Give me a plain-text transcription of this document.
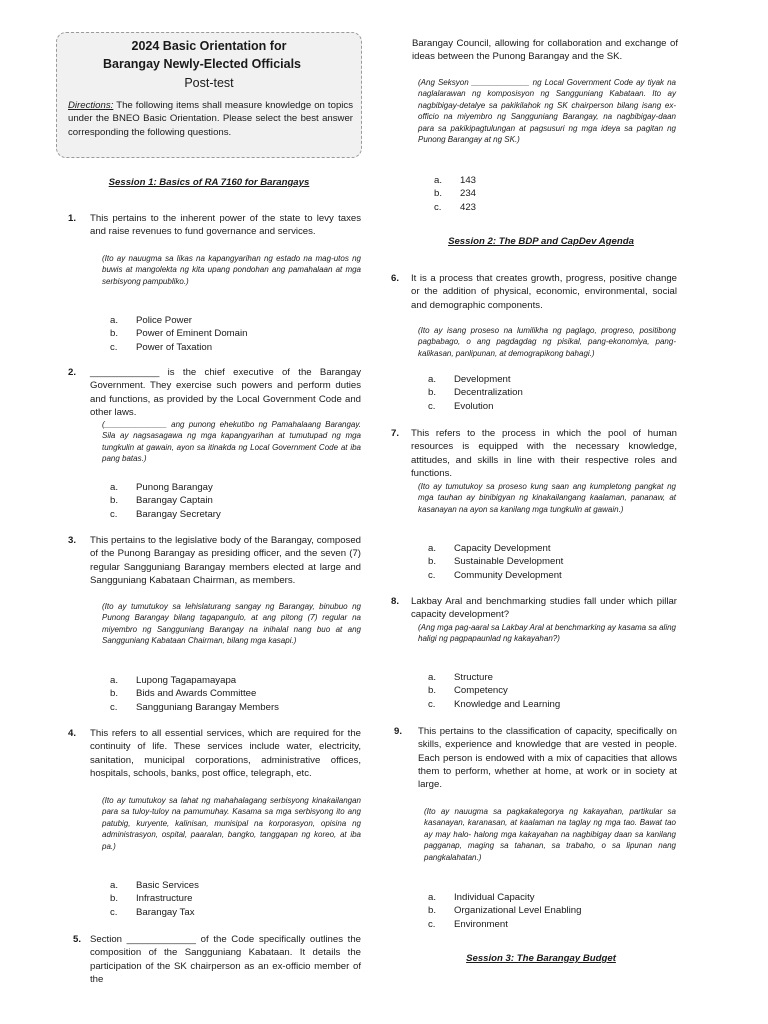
2024 Basic Orientation for
Barangay Newly-Elected Officials
Post-test
Directions: The following items shall measure knowledge on topics under the BNEO Basic Orientation. Please select the best answer corresponding the following questions.
Session 1: Basics of RA 7160 for Barangays
1. This pertains to the inherent power of the state to levy taxes and raise revenues to fund governance and services.
(Ito ay nauugma sa likas na kapangyarihan ng estado na mag-utos ng buwis at mangolekta ng kita upang pondohan ang pamahalaan at mga serbisyong pampubliko.)
a.	Police Power
b.	Power of Eminent Domain
c.	Power of Taxation
2. _____________ is the chief executive of the Barangay Government. They exercise such powers and perform duties and functions, as provided by the Local Government Code and other laws.
(______________ ang punong ehekutibo ng Pamahalaang Barangay. Sila ay nagsasagawa ng mga kapangyarihan at tumutupad ng mga tungkulin at gawain, ayon sa itinakda ng Local Government Code at iba pang batas.)
a.	Punong Barangay
b.	Barangay Captain
c.	Barangay Secretary
3. This pertains to the legislative body of the Barangay, composed of the Punong Barangay as presiding officer, and the seven (7) regular Sangguniang Barangay members elected at large and Sangguniang Kabataan Chairman, as members.
(Ito ay tumutukoy sa lehislaturang sangay ng Barangay, binubuo ng Punong Barangay bilang tagapangulo, at ang pitong (7) regular na miyembro ng Sangguniang Barangay na inihalal nang buo at ang Sangguniang Kabataan Chairman, bilang mga kasapi.)
a.	Lupong Tagapamayapa
b.	Bids and Awards Committee
c.	Sangguniang Barangay Members
4. This refers to all essential services, which are required for the continuity of life. These services include water, electricity, sanitation, municipal corporations, administrative offices, hospitals, schools, banks, post office, telegraph, etc.
(Ito ay tumutukoy sa lahat ng mahahalagang serbisyong kinakailangan para sa tuloy-tuloy na pamumuhay. Kasama sa mga serbisyong ito ang patubig, kuryente, kalinisan, munisipal na korporasyon, opisina ng administrasyon, ospital, paaralan, bangko, tanggapan ng koreo, at iba pa.)
a.	Basic Services
b.	Infrastructure
c.	Barangay Tax
5. Section _____________ of the Code specifically outlines the composition of the Sangguniang Kabataan. It details the participation of the SK chairperson as an ex-officio member of the
Barangay Council, allowing for collaboration and exchange of ideas between the Punong Barangay and the SK.
(Ang Seksyon _____________ ng Local Government Code ay tiyak na naglalarawan ng komposisyon ng Sangguniang Kabataan. Ito ay nagbibigay-detalye sa pakikilahok ng SK chairperson bilang isang ex-officio na miyembro ng Sangguniang Barangay, na nagbibigay-daan para sa pakikipagtulungan at pagsusuri ng mga ideya sa pagitan ng Punong Barangay at ng SK.)
a.	143
b.	234
c.	423
Session 2: The BDP and CapDev Agenda
6. It is a process that creates growth, progress, positive change or the addition of physical, economic, environmental, social and demographic components.
(Ito ay isang proseso na lumilikha ng paglago, progreso, positibong pagbabago, o ang pagdagdag ng pisikal, pang-ekonomiya, pang-kalikasan, panlipunan, at demograpikong bahagi.)
a.	Development
b.	Decentralization
c.	Evolution
7. This refers to the process in which the pool of human resources is equipped with the necessary knowledge, attitudes, and skills in line with their respective roles and functions.
(Ito ay tumutukoy sa proseso kung saan ang kumpletong pangkat ng mga tauhan ay binibigyan ng kinakailangang kaalaman, pananaw, at kasanayan na ayon sa kanilang mga tungkulin at gawain.)
a.	Capacity Development
b.	Sustainable Development
c.	Community Development
8. Lakbay Aral and benchmarking studies fall under which pillar capacity development?
(Ang mga pag-aaral sa Lakbay Aral at benchmarking ay kasama sa aling haligi ng pagpapaunlad ng kakayahan?)
a.	Structure
b.	Competency
c.	Knowledge and Learning
9. This pertains to the classification of capacity, specifically on skills, experience and knowledge that are vested in people. Each person is endowed with a mix of capacities that allows them to perform, whether at home, at work or in society at large.
(Ito ay nauugma sa pagkakategorya ng kakayahan, partikular sa kasanayan, karanasan, at kaalaman na taglay ng mga tao. Bawat tao ay may halo- halong mga kakayahan na nagbibigay daan sa kanilang pagganap, maging sa tahanan, sa trabaho, o sa lipunan nang pangkalahatan.)
a.	Individual Capacity
b.	Organizational Level Enabling
c.	Environment
Session 3: The Barangay Budget
